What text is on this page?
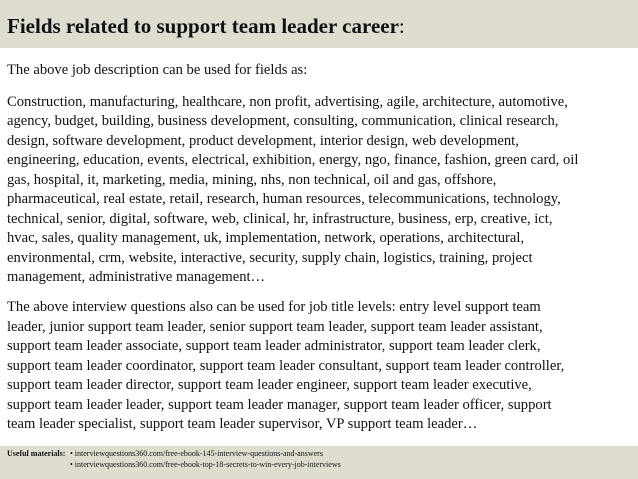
Fields related to support team leader career:

The above job description can be used for fields as:

Construction, manufacturing, healthcare, non profit, advertising, agile, architecture, automotive,
agency, budget, building, business development, consulting, communication, clinical research,
design, software development, product development, interior design, web development,
engineering, education, events, electrical, exhibition, energy, ngo, finance, fashion, green card, oil
gas, hospital, it, marketing, media, mining, nhs, non technical, oil and gas, offshore,
pharmaceutical, real estate, retail, research, human resources, telecommunications, technology,
technical, senior, digital, software, web, clinical, hr, infrastructure, business, erp, creative, ict,
hvac, sales, quality management, uk, implementation, network, operations, architectural,
environmental, crm, website, interactive, security, supply chain, logistics, training, project
management, administrative management…

The above interview questions also can be used for job title levels: entry level support team
leader, junior support team leader, senior support team leader, support team leader assistant,
support team leader associate, support team leader administrator, support team leader clerk,
support team leader coordinator, support team leader consultant, support team leader controller,
support team leader director, support team leader engineer, support team leader executive,
support team leader leader, support team leader manager, support team leader officer, support
team leader specialist, support team leader supervisor, VP support team leader…

Useful materials: • interviewquestions360.com/free-ebook-145-interview-questions-and-answers
• interviewquestions360.com/free-ebook-top-18-secrets-to-win-every-job-interviews
